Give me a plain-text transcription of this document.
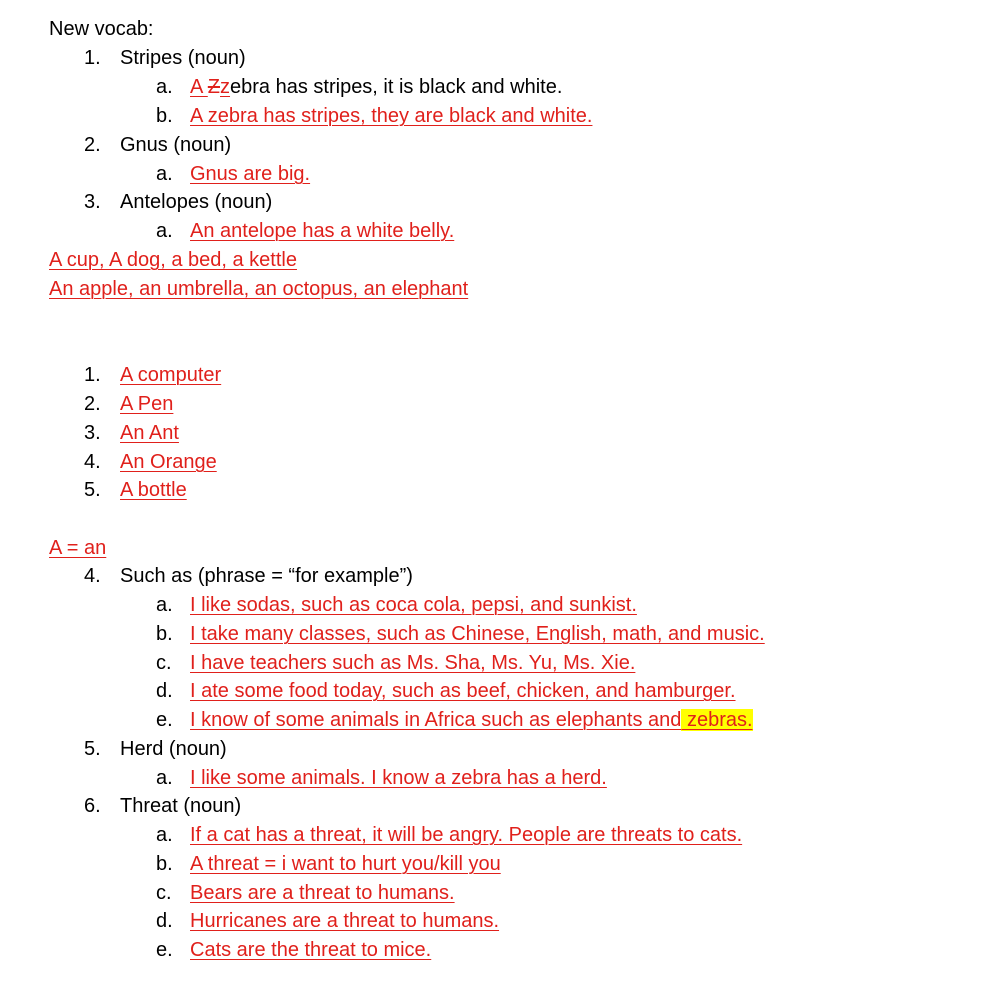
New vocab:
1. Stripes (noun)
a. A Zzebra has stripes, it is black and white.
b. A zebra has stripes, they are black and white.
2. Gnus (noun)
a. Gnus are big.
3. Antelopes (noun)
a. An antelope has a white belly.
A cup, A dog, a bed, a kettle
An apple, an umbrella, an octopus, an elephant
1. A computer
2. A Pen
3. An Ant
4. An Orange
5. A bottle
A = an
4. Such as (phrase = “for example”)
a. I like sodas, such as coca cola, pepsi, and sunkist.
b. I take many classes, such as Chinese, English, math, and music.
c. I have teachers such as Ms. Sha, Ms. Yu, Ms. Xie.
d. I ate some food today, such as beef, chicken, and hamburger.
e. I know of some animals in Africa such as elephants and zebras.
5. Herd (noun)
a. I like some animals. I know a zebra has a herd.
6. Threat (noun)
a. If a cat has a threat, it will be angry. People are threats to cats.
b. A threat = i want to hurt you/kill you
c. Bears are a threat to humans.
d. Hurricanes are a threat to humans.
e. Cats are the threat to mice.
